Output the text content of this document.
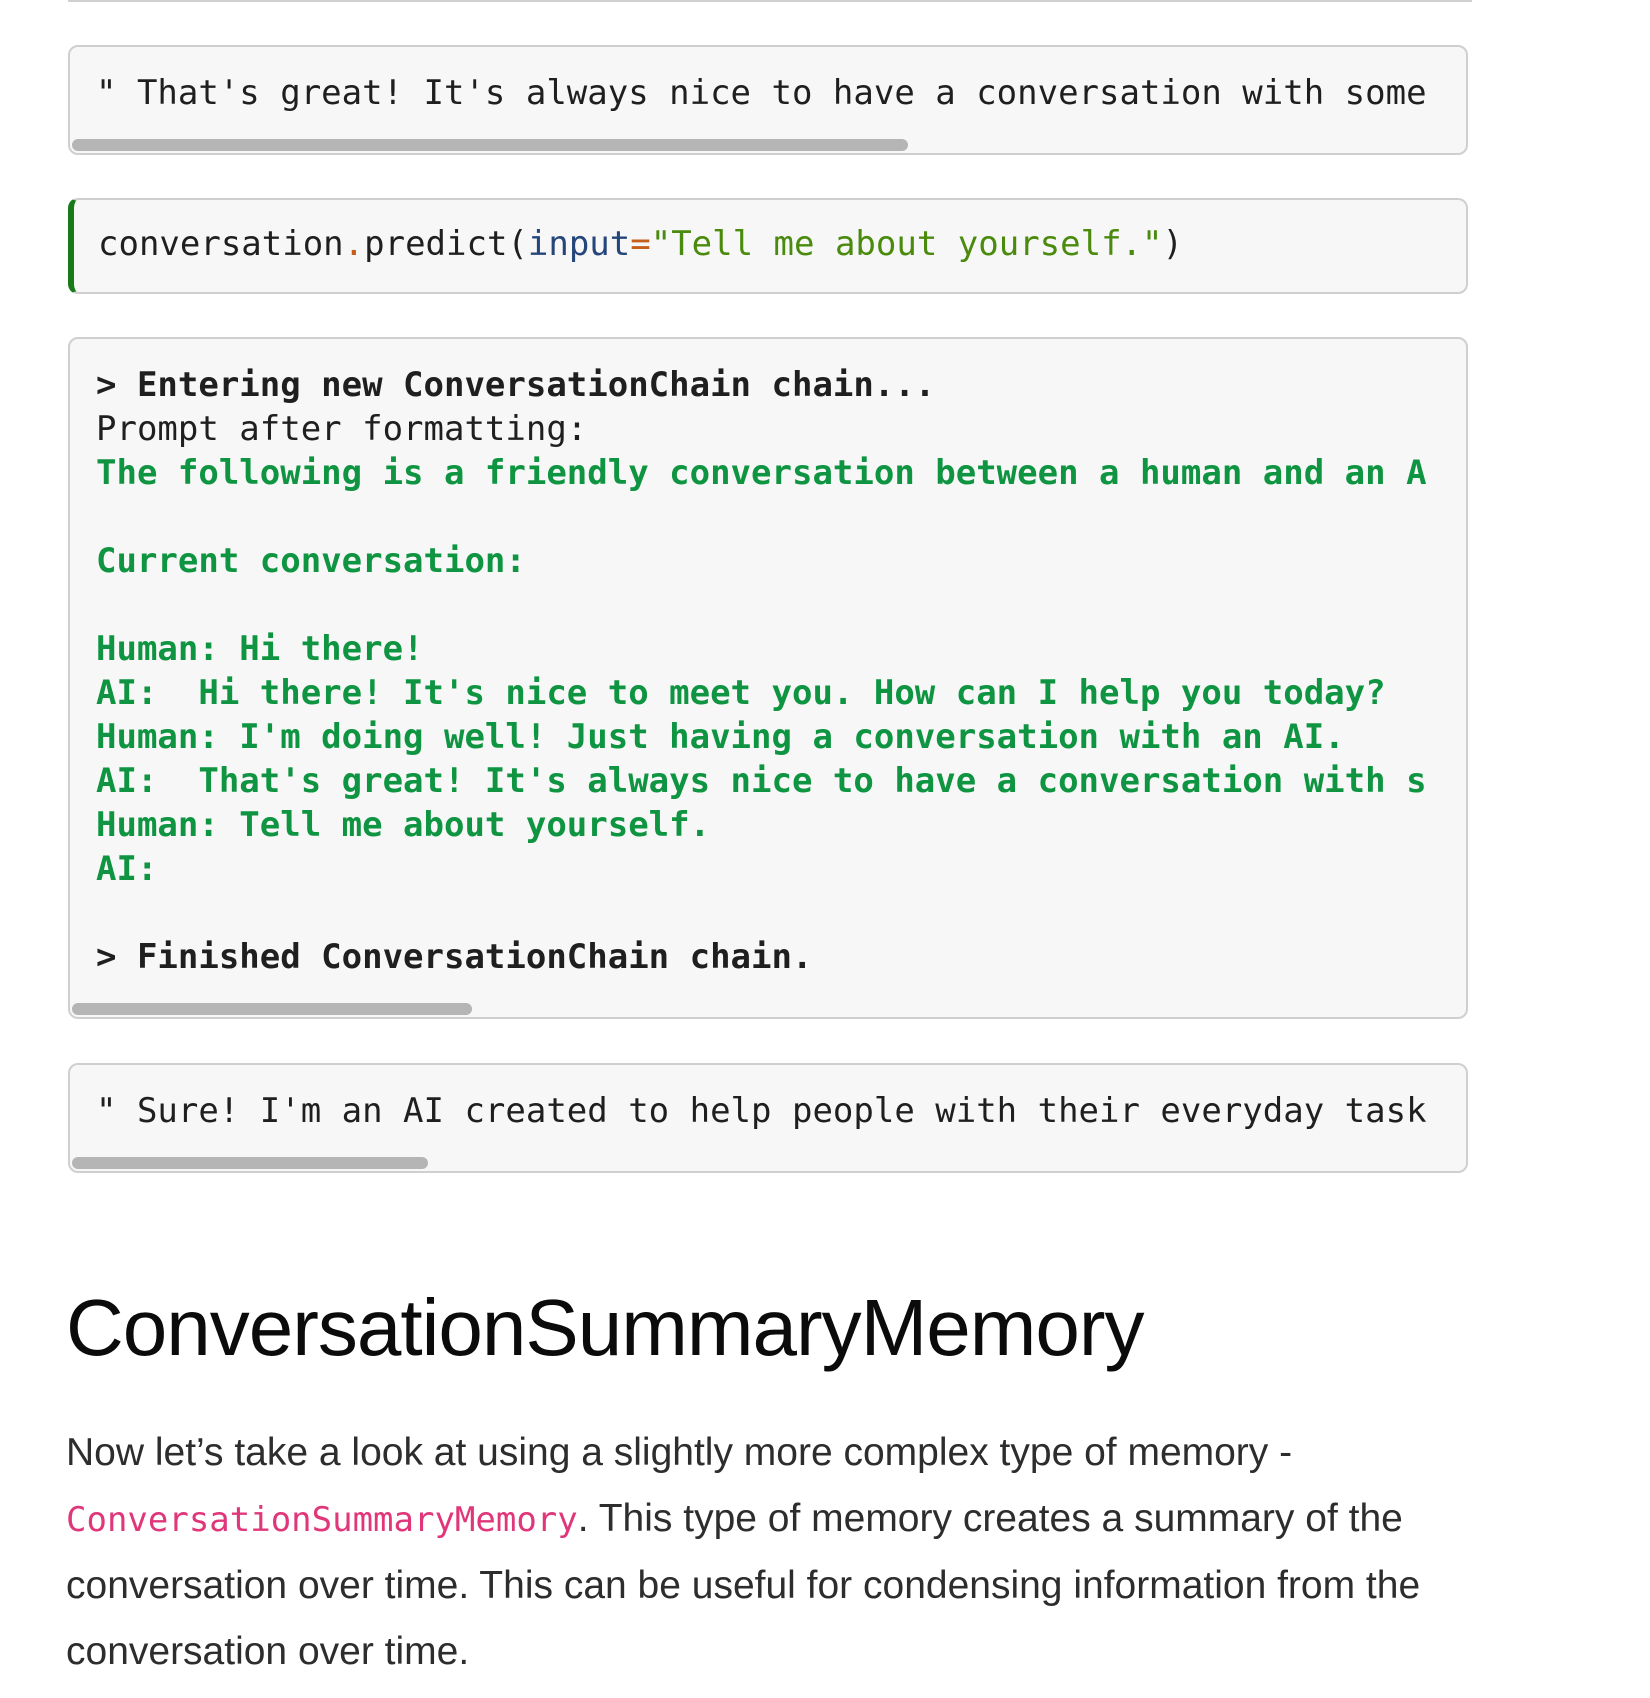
" That's great! It's always nice to have a conversation with some
conversation.predict(input="Tell me about yourself.")
> Entering new ConversationChain chain...
Prompt after formatting:
The following is a friendly conversation between a human and an A
Current conversation:
Human: Hi there!
AI:  Hi there! It's nice to meet you. How can I help you today?
Human: I'm doing well! Just having a conversation with an AI.
AI:  That's great! It's always nice to have a conversation with s
Human: Tell me about yourself.
AI:
> Finished ConversationChain chain.
" Sure! I'm an AI created to help people with their everyday task
ConversationSummaryMemory
Now let’s take a look at using a slightly more complex type of memory -
ConversationSummaryMemory. This type of memory creates a summary of the conversation over time. This can be useful for condensing information from the conversation over time.
